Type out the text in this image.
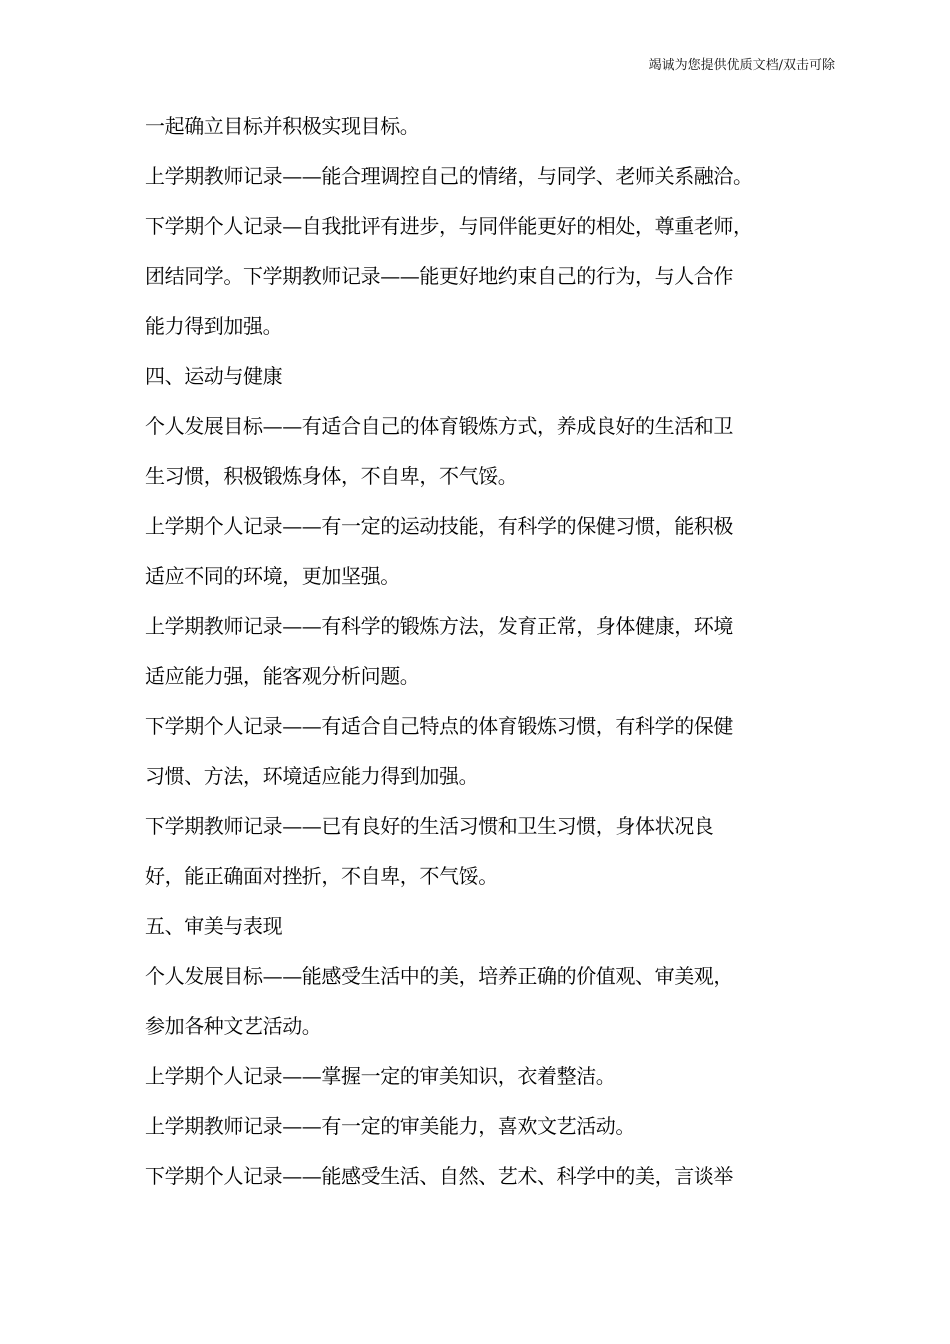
竭诚为您提供优质文档/双击可除
一起确立目标并积极实现目标。
上学期教师记录——能合理调控自己的情绪，与同学、老师关系融洽。
下学期个人记录—自我批评有进步，与同伴能更好的相处，尊重老师，
团结同学。下学期教师记录——能更好地约束自己的行为，与人合作
能力得到加强。
四、运动与健康
个人发展目标——有适合自己的体育锻炼方式，养成良好的生活和卫
生习惯，积极锻炼身体，不自卑，不气馁。
上学期个人记录——有一定的运动技能，有科学的保健习惯，能积极
适应不同的环境，更加坚强。
上学期教师记录——有科学的锻炼方法，发育正常，身体健康，环境
适应能力强，能客观分析问题。
下学期个人记录——有适合自己特点的体育锻炼习惯，有科学的保健
习惯、方法，环境适应能力得到加强。
下学期教师记录——已有良好的生活习惯和卫生习惯，身体状况良
好，能正确面对挫折，不自卑，不气馁。
五、审美与表现
个人发展目标——能感受生活中的美，培养正确的价值观、审美观，
参加各种文艺活动。
上学期个人记录——掌握一定的审美知识，衣着整洁。
上学期教师记录——有一定的审美能力，喜欢文艺活动。
下学期个人记录——能感受生活、自然、艺术、科学中的美，言谈举
